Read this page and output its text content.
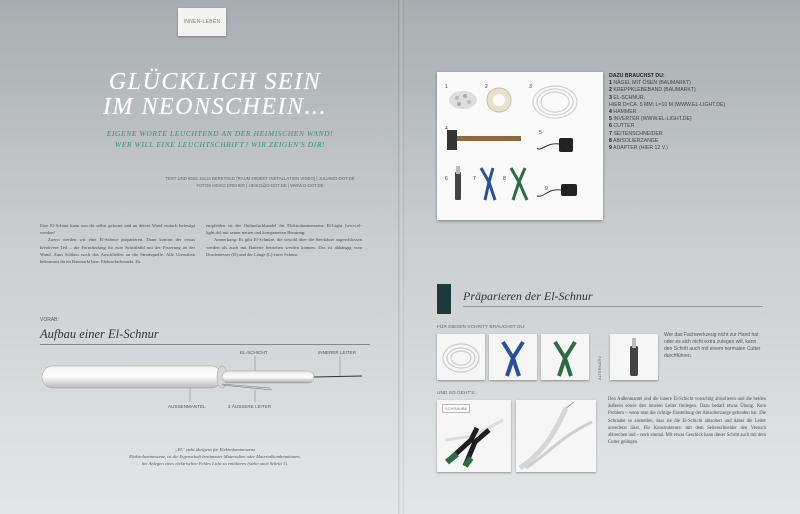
INNEN-LEBEN
GLÜCKLICH SEIN
IM NEONSCHEIN...
EIGENE WORTE LEUCHTEND AN DER HEIMISCHEN WAND!
WER WILL EINE LEUCHTSCHRIFT? WIR ZEIGEN'S DIR!
TEXT UND IDEE JULIA BERKTOLD (RAUM OBJEKT INSTALLATION VIDEO) | JULIAMO-DOT.DE
FOTOS HEIKO DREHER | HEIKO@D-DOT.DE | WWW.D-DOT.DE

Eine El-Schnur kann von dir selbst geformt und an deiner Wand einfach befestigt werden!

Zuerst werden wir eine El-Schnur präparieren. Dann kommt der etwas kreativere Teil – die Formfindung für eure Schriftbild mit der Fixierung an der Wand. Zum Schluss noch das Anschließen an die Stromquelle. Alle Utensilien bekommst du im Baumarkt bzw. Elektrofachmarkt. Zu

empfehlen ist der Onlinefachhandel für Elektrolumineszenz El-Light (www.el-light.de) mit seiner netten und kompetenten Beratung.

Anmerkung: Es gibt El-Schnüre, die sowohl über die Steckdose angeschlossen werden als auch mit Batterie betrieben werden können. Das ist abhängig vom Durchmesser (D) und der Länge (L) eurer Schnur.

VORAB:
Aufbau einer El-Schnur
EL-SCHICHT	INNERER LEITER
AUSSENMANTEL	2 ÄUSSERE LEITER
„EL" steht übrigens für Elektrolumineszenz
Elektrolumineszenz, ist die Eigenschaft bestimmter Materialien oder Materialkombinationen,
bei Anlegen eines elektrischen Feldes Licht zu emittieren (siehe auch Schritt 3).
1	2	3
4
5
6	7	8
9
DAZU BRAUCHST DU:
1 NÄGEL MIT ÖSEN (BAUMARKT)
2 KREPPKLEBEBAND (BAUMARKT)
3 EL-SCHNUR,
HIER D=CA. 5 MM; L=10 M (WWW.EL-LIGHT.DE)
4 HAMMER
5 INVERTER (WWW.EL-LIGHT.DE)
6 CUTTER
7 SEITENSCHNEIDER
8 ABISOLIERZANGE
9 ADAPTER (HIER 12 V.)
Präparieren der El-Schnur
FÜR DIESEN SCHRITT BRAUCHST DU:
ALTERNATIV
Wer das Fachwerkzeug nicht zur Hand hat oder es sich nicht extra zulegen will, kann den Schritt auch mit einem normalen Cutter durchführen.
UND SO GEHT'S:
SCHRAUBE
Den Außenmantel und die innere El-Schicht vorsichtig abisolieren und die beiden äußeren sowie den inneren Leiter freilegen. Dazu bedarf etwas Übung. Kein Problem – wenn man die richtige Einstellung der Abisolierzange gefunden hat. Die Schraube so einstellen, dass sie die El-Schicht abisoliert und dabei die Leiter unverletzt lässt. Für Konstrukteure: mit dem Seitenschneider den Versuch abbrechen und – noch einmal. Mit etwas Geschick kann dieser Schritt auch mit dem Cutter gelingen.
